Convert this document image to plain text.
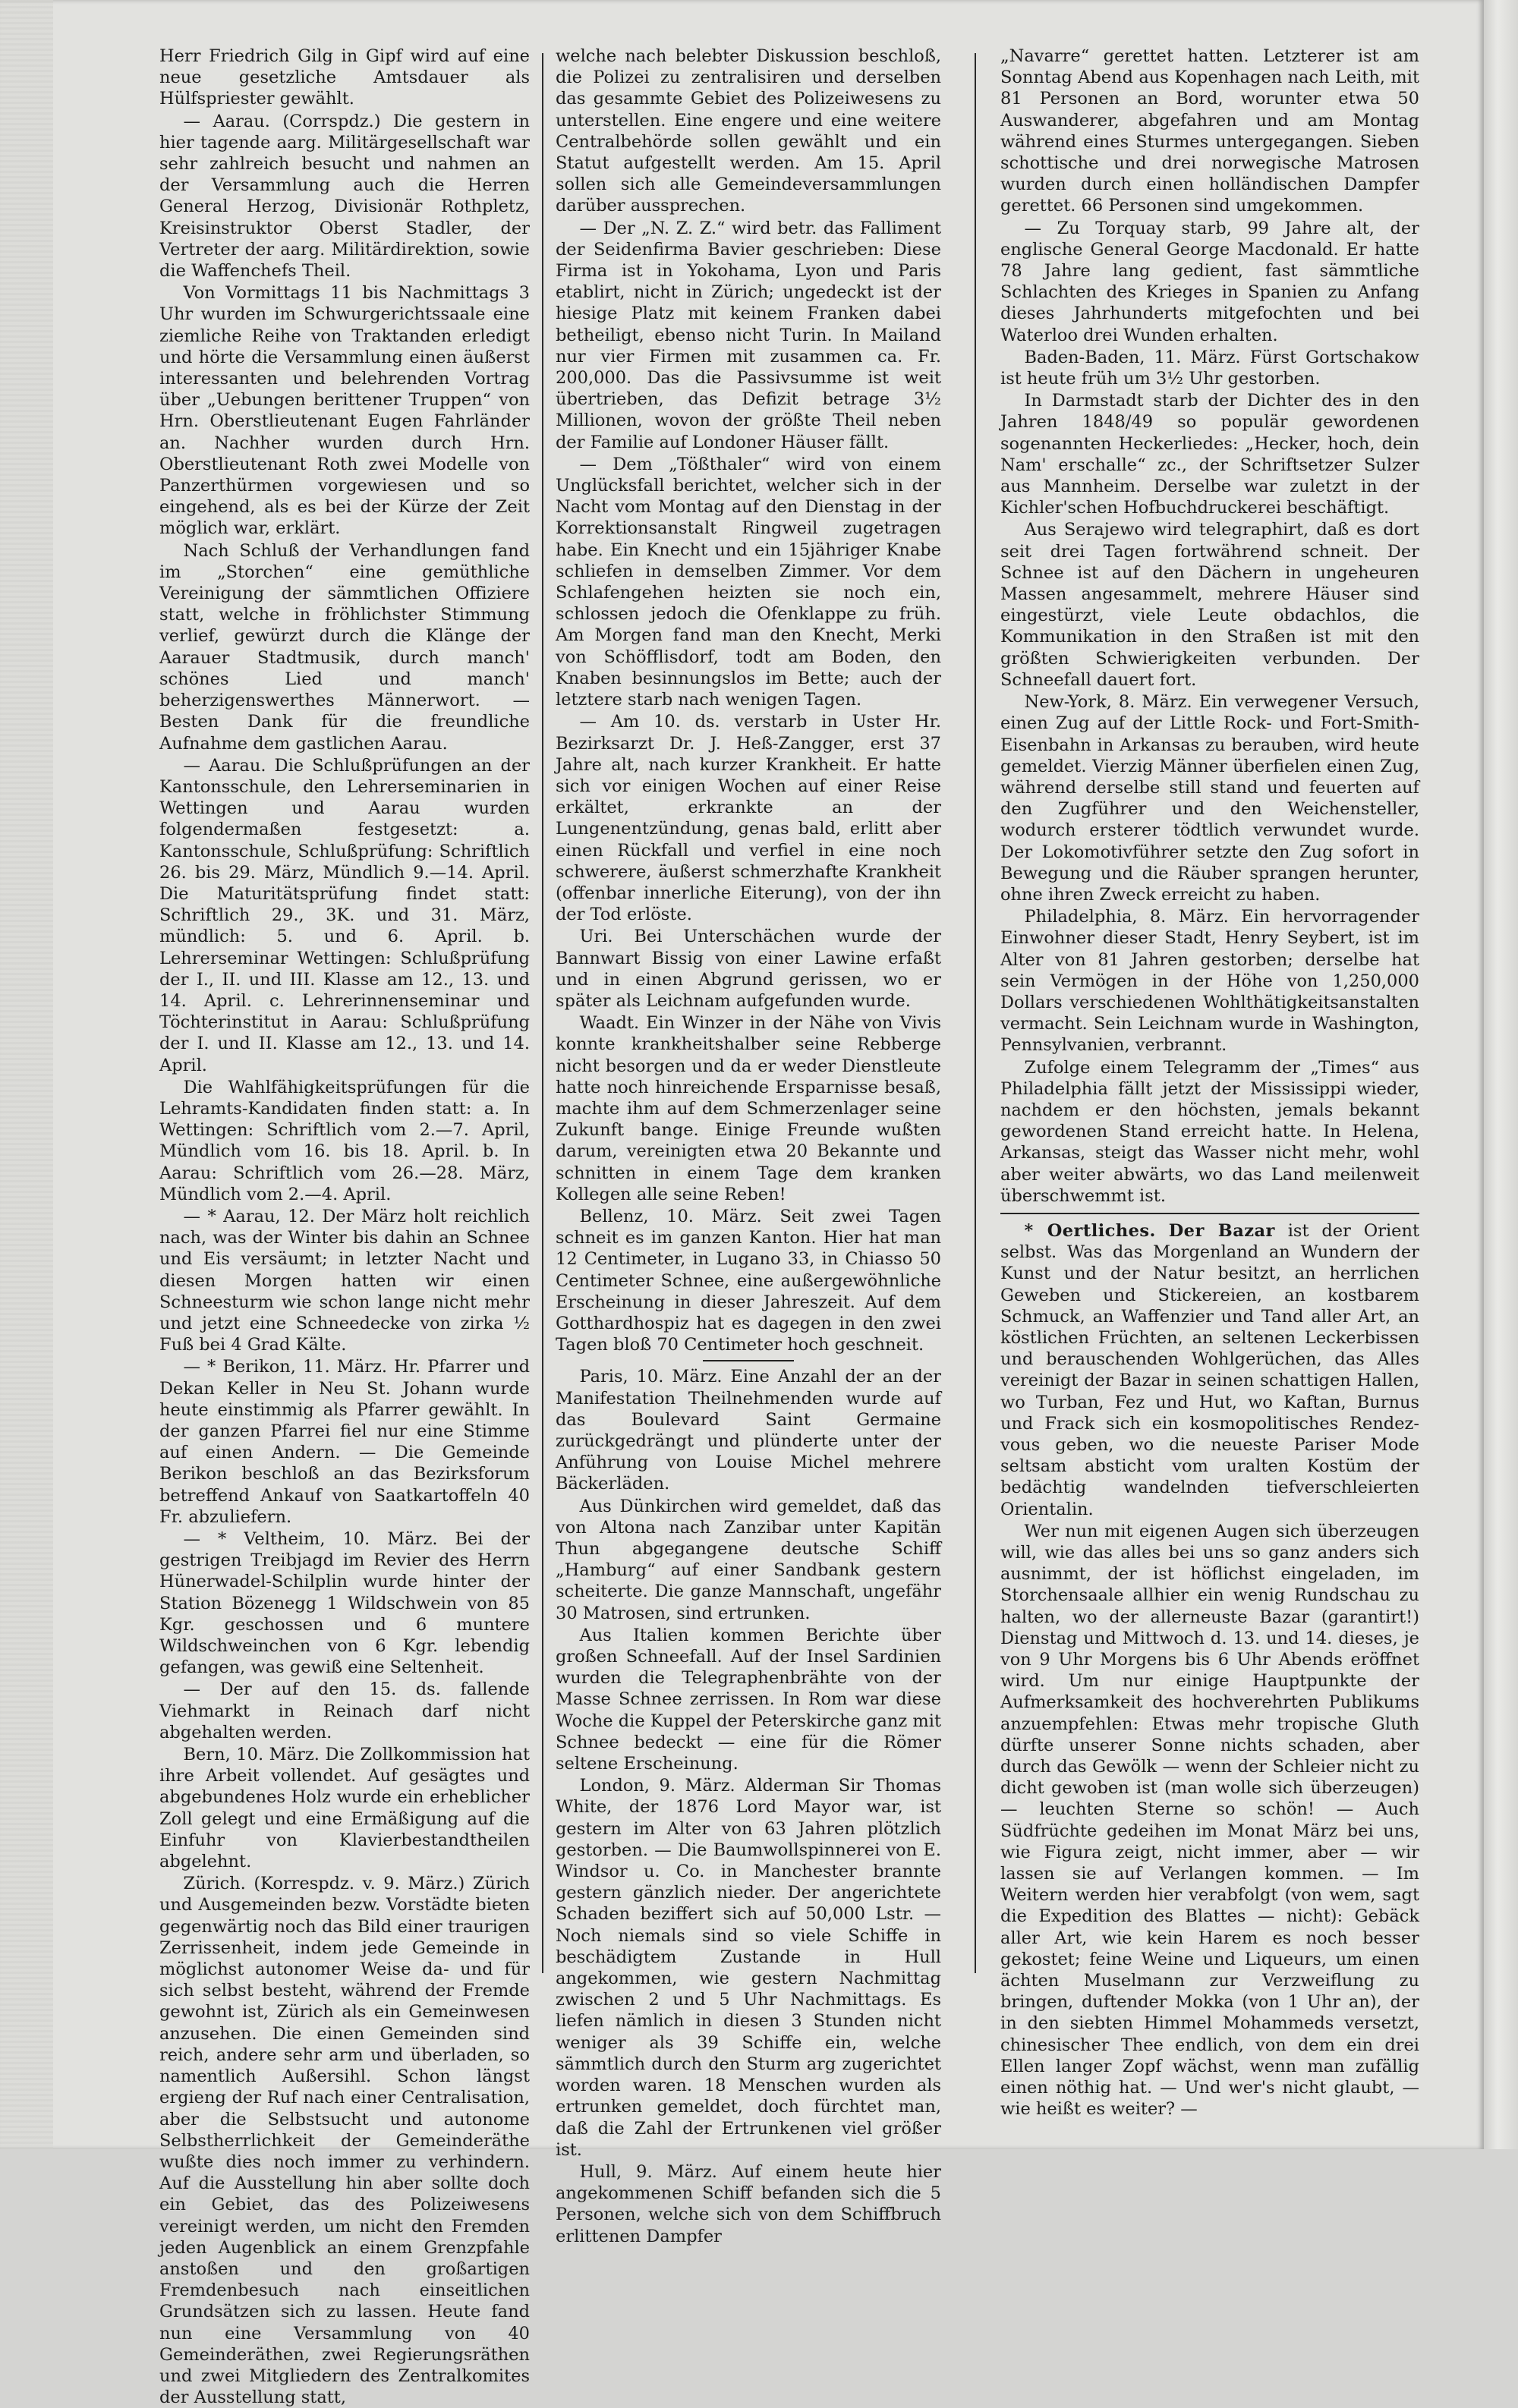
Herr Friedrich Gilg in Gipf wird auf eine neue gesetzliche Amtsdauer als Hülfspriester gewählt.

— Aarau. (Corrspdz.) Die gestern in hier tagende aarg. Militärgesellschaft war sehr zahlreich besucht und nahmen an der Versammlung auch die Herren General Herzog, Divisionär Rothpletz, Kreisinstruktor Oberst Stadler, der Vertreter der aarg. Militärdirektion, sowie die Waffenchefs Theil.

Von Vormittags 11 bis Nachmittags 3 Uhr wurden im Schwurgerichtssaale eine ziemliche Reihe von Traktanden erledigt und hörte die Versammlung einen äußerst interessanten und belehrenden Vortrag über „Uebungen berittener Truppen“ von Hrn. Oberstlieutenant Eugen Fahrländer an. Nachher wurden durch Hrn. Oberstlieutenant Roth zwei Modelle von Panzerthürmen vorgewiesen und so eingehend, als es bei der Kürze der Zeit möglich war, erklärt.

Nach Schluß der Verhandlungen fand im „Storchen“ eine gemüthliche Vereinigung der sämmtlichen Offiziere statt, welche in fröhlichster Stimmung verlief, gewürzt durch die Klänge der Aarauer Stadtmusik, durch manch' schönes Lied und manch' beherzigenswerthes Männerwort. — Besten Dank für die freundliche Aufnahme dem gastlichen Aarau.

— Aarau. Die Schlußprüfungen an der Kantonsschule, den Lehrerseminarien in Wettingen und Aarau wurden folgendermaßen festgesetzt: a. Kantonsschule, Schlußprüfung: Schriftlich 26. bis 29. März, Mündlich 9.—14. April. Die Maturitätsprüfung findet statt: Schriftlich 29., 3K. und 31. März, mündlich: 5. und 6. April. b. Lehrerseminar Wettingen: Schlußprüfung der I., II. und III. Klasse am 12., 13. und 14. April. c. Lehrerinnenseminar und Töchterinstitut in Aarau: Schlußprüfung der I. und II. Klasse am 12., 13. und 14. April.

Die Wahlfähigkeitsprüfungen für die Lehramts-Kandidaten finden statt: a. In Wettingen: Schriftlich vom 2.—7. April, Mündlich vom 16. bis 18. April. b. In Aarau: Schriftlich vom 26.—28. März, Mündlich vom 2.—4. April.

— * Aarau, 12. Der März holt reichlich nach, was der Winter bis dahin an Schnee und Eis versäumt; in letzter Nacht und diesen Morgen hatten wir einen Schneesturm wie schon lange nicht mehr und jetzt eine Schneedecke von zirka ½ Fuß bei 4 Grad Kälte.

— * Berikon, 11. März. Hr. Pfarrer und Dekan Keller in Neu St. Johann wurde heute einstimmig als Pfarrer gewählt. In der ganzen Pfarrei fiel nur eine Stimme auf einen Andern. — Die Gemeinde Berikon beschloß an das Bezirksforum betreffend Ankauf von Saatkartoffeln 40 Fr. abzuliefern.

— * Veltheim, 10. März. Bei der gestrigen Treibjagd im Revier des Herrn Hünerwadel-Schilplin wurde hinter der Station Bözenegg 1 Wildschwein von 85 Kgr. geschossen und 6 muntere Wildschweinchen von 6 Kgr. lebendig gefangen, was gewiß eine Seltenheit.

— Der auf den 15. ds. fallende Viehmarkt in Reinach darf nicht abgehalten werden.

Bern, 10. März. Die Zollkommission hat ihre Arbeit vollendet. Auf gesägtes und abgebundenes Holz wurde ein erheblicher Zoll gelegt und eine Ermäßigung auf die Einfuhr von Klavierbestandtheilen abgelehnt.

Zürich. (Korrespdz. v. 9. März.) Zürich und Ausgemeinden bezw. Vorstädte bieten gegenwärtig noch das Bild einer traurigen Zerrissenheit, indem jede Gemeinde in möglichst autonomer Weise da- und für sich selbst besteht, während der Fremde gewohnt ist, Zürich als ein Gemeinwesen anzusehen. Die einen Gemeinden sind reich, andere sehr arm und überladen, so namentlich Außersihl. Schon längst ergieng der Ruf nach einer Centralisation, aber die Selbstsucht und autonome Selbstherrlichkeit der Gemeinderäthe wußte dies noch immer zu verhindern. Auf die Ausstellung hin aber sollte doch ein Gebiet, das des Polizeiwesens vereinigt werden, um nicht den Fremden jeden Augenblick an einem Grenzpfahle anstoßen und den großartigen Fremdenbesuch nach einseitlichen Grundsätzen sich zu lassen. Heute fand nun eine Versammlung von 40 Gemeinderäthen, zwei Regierungsräthen und zwei Mitgliedern des Zentralkomites der Ausstellung statt,

welche nach belebter Diskussion beschloß, die Polizei zu zentralisiren und derselben das gesammte Gebiet des Polizeiwesens zu unterstellen. Eine engere und eine weitere Centralbehörde sollen gewählt und ein Statut aufgestellt werden. Am 15. April sollen sich alle Gemeindeversammlungen darüber aussprechen.

— Der „N. Z. Z.“ wird betr. das Falliment der Seidenfirma Bavier geschrieben: Diese Firma ist in Yokohama, Lyon und Paris etablirt, nicht in Zürich; ungedeckt ist der hiesige Platz mit keinem Franken dabei betheiligt, ebenso nicht Turin. In Mailand nur vier Firmen mit zusammen ca. Fr. 200,000. Das die Passivsumme ist weit übertrieben, das Defizit betrage 3½ Millionen, wovon der größte Theil neben der Familie auf Londoner Häuser fällt.

— Dem „Tößthaler“ wird von einem Unglücksfall berichtet, welcher sich in der Nacht vom Montag auf den Dienstag in der Korrektionsanstalt Ringweil zugetragen habe. Ein Knecht und ein 15jähriger Knabe schliefen in demselben Zimmer. Vor dem Schlafengehen heizten sie noch ein, schlossen jedoch die Ofenklappe zu früh. Am Morgen fand man den Knecht, Merki von Schöfflisdorf, todt am Boden, den Knaben besinnungslos im Bette; auch der letztere starb nach wenigen Tagen.

— Am 10. ds. verstarb in Uster Hr. Bezirksarzt Dr. J. Heß-Zangger, erst 37 Jahre alt, nach kurzer Krankheit. Er hatte sich vor einigen Wochen auf einer Reise erkältet, erkrankte an der Lungenentzündung, genas bald, erlitt aber einen Rückfall und verfiel in eine noch schwerere, äußerst schmerzhafte Krankheit (offenbar innerliche Eiterung), von der ihn der Tod erlöste.

Uri. Bei Unterschächen wurde der Bannwart Bissig von einer Lawine erfaßt und in einen Abgrund gerissen, wo er später als Leichnam aufgefunden wurde.

Waadt. Ein Winzer in der Nähe von Vivis konnte krankheitshalber seine Rebberge nicht besorgen und da er weder Dienstleute hatte noch hinreichende Ersparnisse besaß, machte ihm auf dem Schmerzenlager seine Zukunft bange. Einige Freunde wußten darum, vereinigten etwa 20 Bekannte und schnitten in einem Tage dem kranken Kollegen alle seine Reben!

Bellenz, 10. März. Seit zwei Tagen schneit es im ganzen Kanton. Hier hat man 12 Centimeter, in Lugano 33, in Chiasso 50 Centimeter Schnee, eine außergewöhnliche Erscheinung in dieser Jahreszeit. Auf dem Gotthardhospiz hat es dagegen in den zwei Tagen bloß 70 Centimeter hoch geschneit.

Paris, 10. März. Eine Anzahl der an der Manifestation Theilnehmenden wurde auf das Boulevard Saint Germaine zurückgedrängt und plünderte unter der Anführung von Louise Michel mehrere Bäckerläden.

Aus Dünkirchen wird gemeldet, daß das von Altona nach Zanzibar unter Kapitän Thun abgegangene deutsche Schiff „Hamburg“ auf einer Sandbank gestern scheiterte. Die ganze Mannschaft, ungefähr 30 Matrosen, sind ertrunken.

Aus Italien kommen Berichte über großen Schneefall. Auf der Insel Sardinien wurden die Telegraphenbrähte von der Masse Schnee zerrissen. In Rom war diese Woche die Kuppel der Peterskirche ganz mit Schnee bedeckt — eine für die Römer seltene Erscheinung.

London, 9. März. Alderman Sir Thomas White, der 1876 Lord Mayor war, ist gestern im Alter von 63 Jahren plötzlich gestorben. — Die Baumwollspinnerei von E. Windsor u. Co. in Manchester brannte gestern gänzlich nieder. Der angerichtete Schaden beziffert sich auf 50,000 Lstr. — Noch niemals sind so viele Schiffe in beschädigtem Zustande in Hull angekommen, wie gestern Nachmittag zwischen 2 und 5 Uhr Nachmittags. Es liefen nämlich in diesen 3 Stunden nicht weniger als 39 Schiffe ein, welche sämmtlich durch den Sturm arg zugerichtet worden waren. 18 Menschen wurden als ertrunken gemeldet, doch fürchtet man, daß die Zahl der Ertrunkenen viel größer ist.

Hull, 9. März. Auf einem heute hier angekommenen Schiff befanden sich die 5 Personen, welche sich von dem Schiffbruch erlittenen Dampfer

„Navarre“ gerettet hatten. Letzterer ist am Sonntag Abend aus Kopenhagen nach Leith, mit 81 Personen an Bord, worunter etwa 50 Auswanderer, abgefahren und am Montag während eines Sturmes untergegangen. Sieben schottische und drei norwegische Matrosen wurden durch einen holländischen Dampfer gerettet. 66 Personen sind umgekommen.

— Zu Torquay starb, 99 Jahre alt, der englische General George Macdonald. Er hatte 78 Jahre lang gedient, fast sämmtliche Schlachten des Krieges in Spanien zu Anfang dieses Jahrhunderts mitgefochten und bei Waterloo drei Wunden erhalten.

Baden-Baden, 11. März. Fürst Gortschakow ist heute früh um 3½ Uhr gestorben.

In Darmstadt starb der Dichter des in den Jahren 1848/49 so populär gewordenen sogenannten Heckerliedes: „Hecker, hoch, dein Nam' erschalle“ zc., der Schriftsetzer Sulzer aus Mannheim. Derselbe war zuletzt in der Kichler'schen Hofbuchdruckerei beschäftigt.

Aus Serajewo wird telegraphirt, daß es dort seit drei Tagen fortwährend schneit. Der Schnee ist auf den Dächern in ungeheuren Massen angesammelt, mehrere Häuser sind eingestürzt, viele Leute obdachlos, die Kommunikation in den Straßen ist mit den größten Schwierigkeiten verbunden. Der Schneefall dauert fort.

New-York, 8. März. Ein verwegener Versuch, einen Zug auf der Little Rock- und Fort-Smith-Eisenbahn in Arkansas zu berauben, wird heute gemeldet. Vierzig Männer überfielen einen Zug, während derselbe still stand und feuerten auf den Zugführer und den Weichensteller, wodurch ersterer tödtlich verwundet wurde. Der Lokomotivführer setzte den Zug sofort in Bewegung und die Räuber sprangen herunter, ohne ihren Zweck erreicht zu haben.

Philadelphia, 8. März. Ein hervorragender Einwohner dieser Stadt, Henry Seybert, ist im Alter von 81 Jahren gestorben; derselbe hat sein Vermögen in der Höhe von 1,250,000 Dollars verschiedenen Wohlthätigkeitsanstalten vermacht. Sein Leichnam wurde in Washington, Pennsylvanien, verbrannt.

Zufolge einem Telegramm der „Times“ aus Philadelphia fällt jetzt der Mississippi wieder, nachdem er den höchsten, jemals bekannt gewordenen Stand erreicht hatte. In Helena, Arkansas, steigt das Wasser nicht mehr, wohl aber weiter abwärts, wo das Land meilenweit überschwemmt ist.

* Oertliches. Der Bazar ist der Orient selbst. Was das Morgenland an Wundern der Kunst und der Natur besitzt, an herrlichen Geweben und Stickereien, an kostbarem Schmuck, an Waffenzier und Tand aller Art, an köstlichen Früchten, an seltenen Leckerbissen und berauschenden Wohlgerüchen, das Alles vereinigt der Bazar in seinen schattigen Hallen, wo Turban, Fez und Hut, wo Kaftan, Burnus und Frack sich ein kosmopolitisches Rendez-vous geben, wo die neueste Pariser Mode seltsam absticht vom uralten Kostüm der bedächtig wandelnden tiefverschleierten Orientalin.

Wer nun mit eigenen Augen sich überzeugen will, wie das alles bei uns so ganz anders sich ausnimmt, der ist höflichst eingeladen, im Storchensaale allhier ein wenig Rundschau zu halten, wo der allerneuste Bazar (garantirt!) Dienstag und Mittwoch d. 13. und 14. dieses, je von 9 Uhr Morgens bis 6 Uhr Abends eröffnet wird. Um nur einige Hauptpunkte der Aufmerksamkeit des hochverehrten Publikums anzuempfehlen: Etwas mehr tropische Gluth dürfte unserer Sonne nichts schaden, aber durch das Gewölk — wenn der Schleier nicht zu dicht gewoben ist (man wolle sich überzeugen) — leuchten Sterne so schön! — Auch Südfrüchte gedeihen im Monat März bei uns, wie Figura zeigt, nicht immer, aber — wir lassen sie auf Verlangen kommen. — Im Weitern werden hier verabfolgt (von wem, sagt die Expedition des Blattes — nicht): Gebäck aller Art, wie kein Harem es noch besser gekostet; feine Weine und Liqueurs, um einen ächten Muselmann zur Verzweiflung zu bringen, duftender Mokka (von 1 Uhr an), der in den siebten Himmel Mohammeds versetzt, chinesischer Thee endlich, von dem ein drei Ellen langer Zopf wächst, wenn man zufällig einen nöthig hat. — Und wer's nicht glaubt, — wie heißt es weiter? —
